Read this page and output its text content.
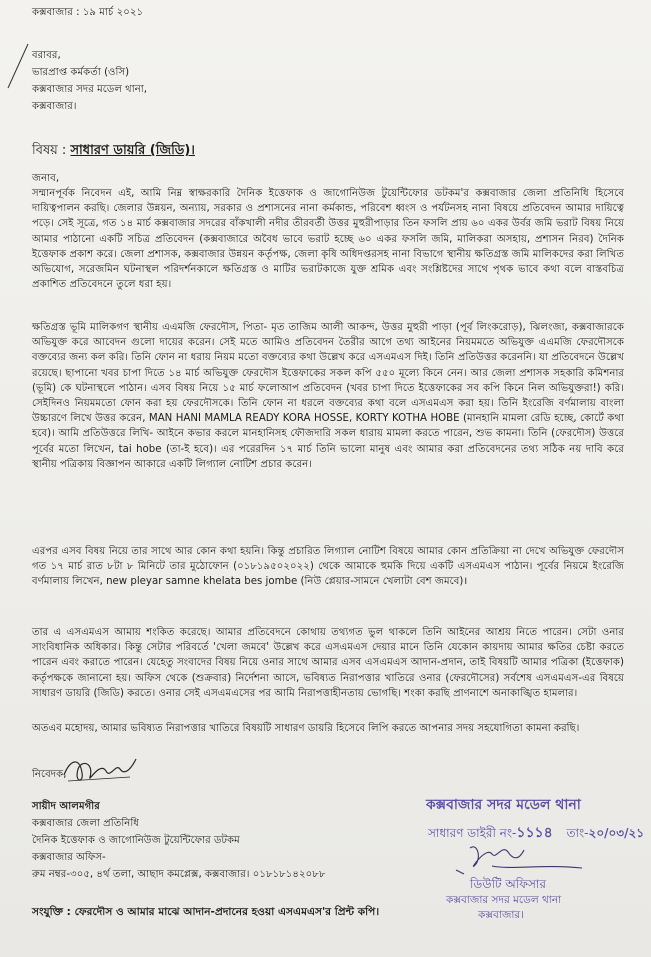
কক্সবাজার : ১৯ মার্চ ২০২১
বরাবর,
ভারপ্রাপ্ত কর্মকর্তা (ওসি)
কক্সবাজার সদর মডেল থানা,
কক্সবাজার।
বিষয় : সাধারণ ডায়রি (জিডি)।
জনাব,
সম্মানপূর্বক নিবেদন এই, আমি নিম্ন স্বাক্ষরকারি দৈনিক ইত্তেফাক ও জাগোনিউজ টুয়েন্টিফোর ডটকম'র কক্সবাজার জেলা প্রতিনিধি হিসেবে দায়িত্বপালন করছি। জেলার উন্নয়ন, অন্যায়, সরকার ও প্রশাসনের নানা কর্মকান্ড, পরিবেশ ধ্বংস ও পর্যটনসহ নানা বিষয়ে প্রতিবেদন আমার দায়িত্বে পড়ে। সেই সূত্রে, গত ১৪ মার্চ কক্সবাজার সদরের বাঁকখালী নদীর তীরবর্তী উত্তর মুহুরীপাড়ার তিন ফসলি প্রায় ৬০ একর উর্বর জমি ভরাট বিষয় নিয়ে আমার পাঠানো একটি সচিত্র প্রতিবেদন (কক্সবাজারে অবৈধ ভাবে ভরাট হচ্ছে ৬০ একর ফসলি জমি, মালিকরা অসহায়, প্রশাসন নিরব) দৈনিক ইত্তেফাক প্রকাশ করে। জেলা প্রশাসক, কক্সবাজার উন্নয়ন কর্তৃপক্ষ, জেলা কৃষি অধিদপ্তরসহ নানা বিভাগে স্থানীয় ক্ষতিগ্রস্ত জমি মালিকদের করা লিখিত অভিযোগ, সরেজমিন ঘটনাস্থল পরিদর্শনকালে ক্ষতিগ্রস্ত ও মাটির ভরাটকাজে যুক্ত শ্রমিক এবং সংশ্লিষ্টদের সাথে পৃথক ভাবে কথা বলে বাস্তবচিত্র প্রকাশিত প্রতিবেদনে তুলে ধরা হয়।
ক্ষতিগ্রস্ত ভূমি মালিকগণ স্থানীয় এএমজি ফেরদৌস, পিতা- মৃত তাজিম আলী আকন্দ, উত্তর মুহুরী পাড়া (পূর্ব লিংকরোড়), ঝিলংজা, কক্সবাজারকে অভিযুক্ত করে আবেদন গুলো দায়ের করেন। সেই মতে আমিও প্রতিবেদন তৈরীর আগে তথ্য আইনের নিয়মমতে অভিযুক্ত এএমজি ফেরদৌসকে বক্তব্যের জন্য কল করি। তিনি ফোন না ধরায় নিয়ম মতো বক্তব্যের কথা উল্লেখ করে এসএমএস দিই। তিনি প্রতিউত্তর করেননি। যা প্রতিবেদনে উল্লেখ রয়েছে। ছাপানো খবর চাপা দিতে ১৪ মার্চ অভিযুক্ত ফেরদৌস ইত্তেফাকের সকল কপি ৫৫০ মূল্যে কিনে নেন। আর জেলা প্রশাসক সহকারি কমিশনার (ভূমি) কে ঘটনাস্থলে পাঠান। এসব বিষয় নিয়ে ১৫ মার্চ ফলোআপ প্রতিবেদন (খবর চাপা দিতে ইত্তেফাকের সব কপি কিনে নিল অভিযুক্তরা!) করি। সেইদিনও নিয়মমতো ফোন করা হয় ফেরদৌসকে। তিনি ফোন না ধরলে বক্তব্যের কথা বলে এসএমএস করা হয়। তিনি ইংরেজি বর্ণমালায় বাংলা উচ্চারণে লিখে উত্তর করেন, MAN HANI MAMLA READY KORA HOSSE, KORTY KOTHA HOBE (মানহানি মামলা রেডি হচ্ছে, কোর্টে কথা হবে)। আমি প্রতিউত্তরে লিখি- আইনে কভার করলে মানহানিসহ ফৌজদারি সকল ধারায় মামলা করতে পারেন, শুভ কামনা। তিনি (ফেরদৌস) উত্তরে পূর্বের মতো লিখেন, tai hobe (তা-ই হবে)। এর পরেরদিন ১৭ মার্চ তিনি ভালো মানুষ এবং আমার করা প্রতিবেদনের তথ্য সঠিক নয় দাবি করে স্থানীয় পত্রিকায় বিজ্ঞাপন আকারে একটি লিগ্যাল নোটিশ প্রচার করেন।
এরপর এসব বিষয় নিয়ে তার সাথে আর কোন কথা হয়নি। কিন্তু প্রচারিত লিগ্যাল নোটিশ বিষয়ে আমার কোন প্রতিক্রিয়া না দেখে অভিযুক্ত ফেরদৌস গত ১৭ মার্চ রাত ৮টা ৮ মিনিটে তার মুঠোফোন (০১৮১৯৫০২০২২) থেকে আমাকে হুমকি দিয়ে একটি এসএমএস পাঠান। পূর্বের নিয়মে ইংরেজি বর্ণমালায় লিখেন, new pleyar samne khelata bes jombe (নিউ প্লেয়ার-সামনে খেলাটা বেশ জমবে)।
তার এ এসএমএস আমায় শংকিত করেছে। আমার প্রতিবেদনে কোথায় তথ্যগত ভুল থাকলে তিনি আইনের আশ্রয় নিতে পারেন। সেটা ওনার সাংবিধানিক অধিকার। কিন্তু সেটার পরিবর্তে 'খেলা জমবে' উল্লেখ করে এসএমএস দেয়ার মানে তিনি যেকোন কায়দায় আমার ক্ষতির চেষ্টা করতে পারেন এবং করাতে পারেন। যেহেতু সংবাদের বিষয় নিয়ে ওনার সাথে আমার এসব এসএমএস আদান-প্রদান, তাই বিষয়টি আমার পত্রিকা (ইত্তেফাক) কর্তৃপক্ষকে জানানো হয়। অফিস থেকে (শুক্রবার) নির্দেশনা আসে, ভবিষ্যত নিরাপত্তার খাতিরে ওনার (ফেরদৌসের) সর্বশেষ এসএমএস-এর বিষয়ে সাধারণ ডায়রি (জিডি) করতে। ওনার সেই এসএমএসের পর আমি নিরাপত্তাহীনতায় ভোগছি। শংকা করছি প্রাণনাশে অনাকাঙ্খিত হামলার।
অতএব মহোদয়, আমার ভবিষ্যত নিরাপত্তার খাতিরে বিষয়টি সাধারণ ডায়রি হিসেবে লিপি করতে আপনার সদয় সহযোগিতা কামনা করছি।
নিবেদক,
সায়ীদ আলমগীর
কক্সবাজার জেলা প্রতিনিধি
দৈনিক ইত্তেফাক ও জাগোনিউজ টুয়েন্টিফোর ডটকম
কক্সবাজার অফিস-
রুম নম্বর-৩০৫, ৪র্থ তলা, আছাদ কমপ্লেক্স, কক্সবাজার। ০১৮১৮১৪২০৮৮
সংযুক্তি : ফেরদৌস ও আমার মাঝে আদান-প্রদানের হওয়া এসএমএস'র প্রিন্ট কপি।
কক্সবাজার সদর মডেল থানা
সাধারণ ডাইরী নং-১১১৪ তাং-২০/০৩/২১
ডিউটি অফিসার
কক্সবাজার সদর মডেল থানা
কক্সবাজার।
